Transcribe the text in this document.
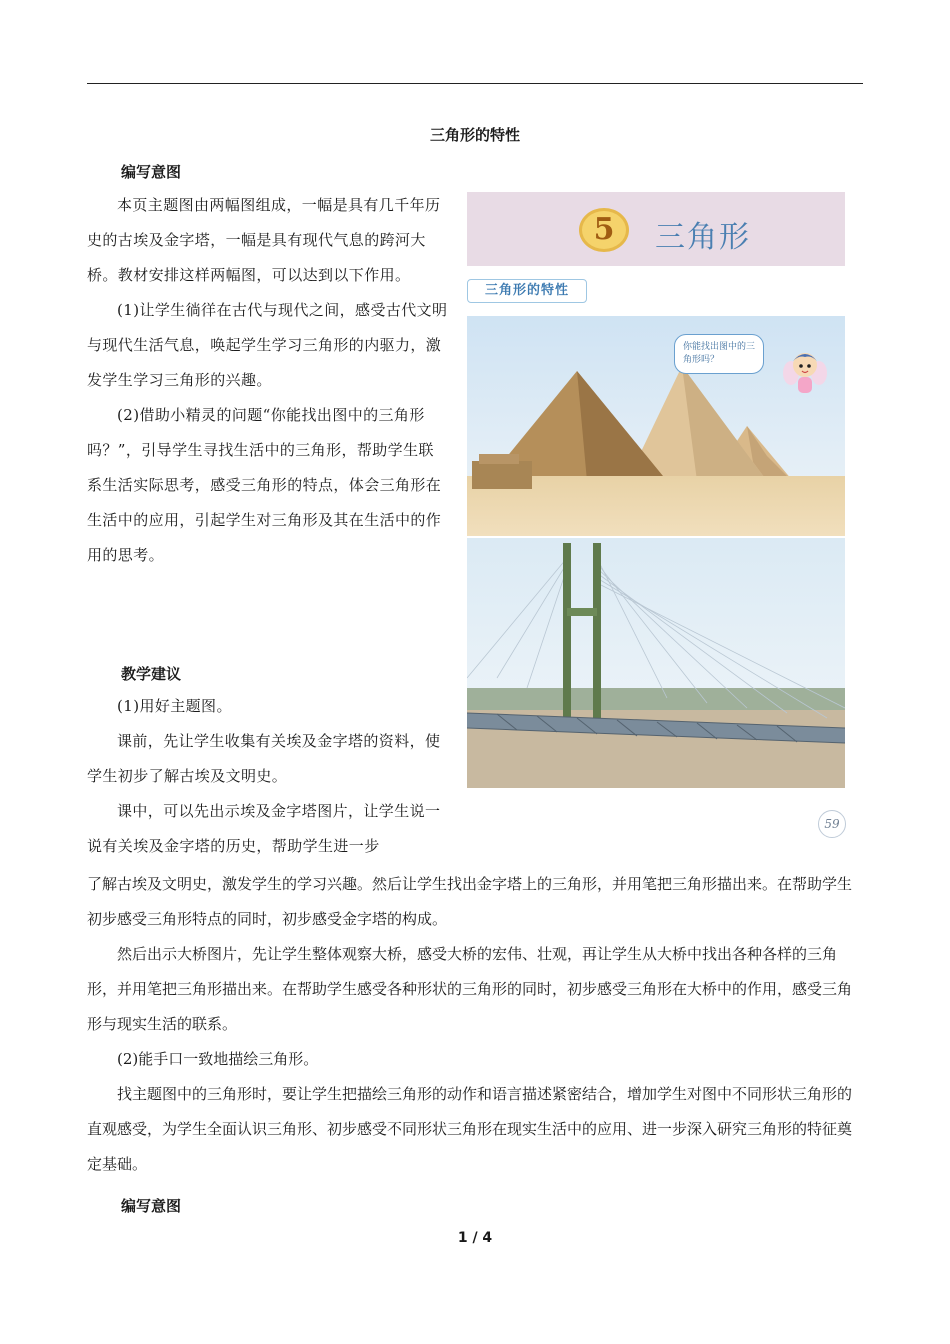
三角形的特性
编写意图

本页主题图由两幅图组成，一幅是具有几千年历史的古埃及金字塔，一幅是具有现代气息的跨河大桥。教材安排这样两幅图，可以达到以下作用。

(1)让学生徜徉在古代与现代之间，感受古代文明与现代生活气息，唤起学生学习三角形的内驱力，激发学生学习三角形的兴趣。

(2)借助小精灵的问题“你能找出图中的三角形吗？”，引导学生寻找生活中的三角形，帮助学生联系生活实际思考，感受三角形的特点，体会三角形在生活中的应用，引起学生对三角形及其在生活中的作用的思考。

教学建议

(1)用好主题图。

课前，先让学生收集有关埃及金字塔的资料，使学生初步了解古埃及文明史。

课中，可以先出示埃及金字塔图片，让学生说一说有关埃及金字塔的历史，帮助学生进一步

了解古埃及文明史，激发学生的学习兴趣。然后让学生找出金字塔上的三角形，并用笔把三角形描出来。在帮助学生初步感受三角形特点的同时，初步感受金字塔的构成。

然后出示大桥图片，先让学生整体观察大桥，感受大桥的宏伟、壮观，再让学生从大桥中找出各种各样的三角形，并用笔把三角形描出来。在帮助学生感受各种形状的三角形的同时，初步感受三角形在大桥中的作用，感受三角形与现实生活的联系。

(2)能手口一致地描绘三角形。

找主题图中的三角形时，要让学生把描绘三角形的动作和语言描述紧密结合，增加学生对图中不同形状三角形的直观感受，为学生全面认识三角形、初步感受不同形状三角形在现实生活中的应用、进一步深入研究三角形的特征奠定基础。

编写意图
5	三角形
三角形的特性
你能找出图中的三角形吗？
59
1 / 4
